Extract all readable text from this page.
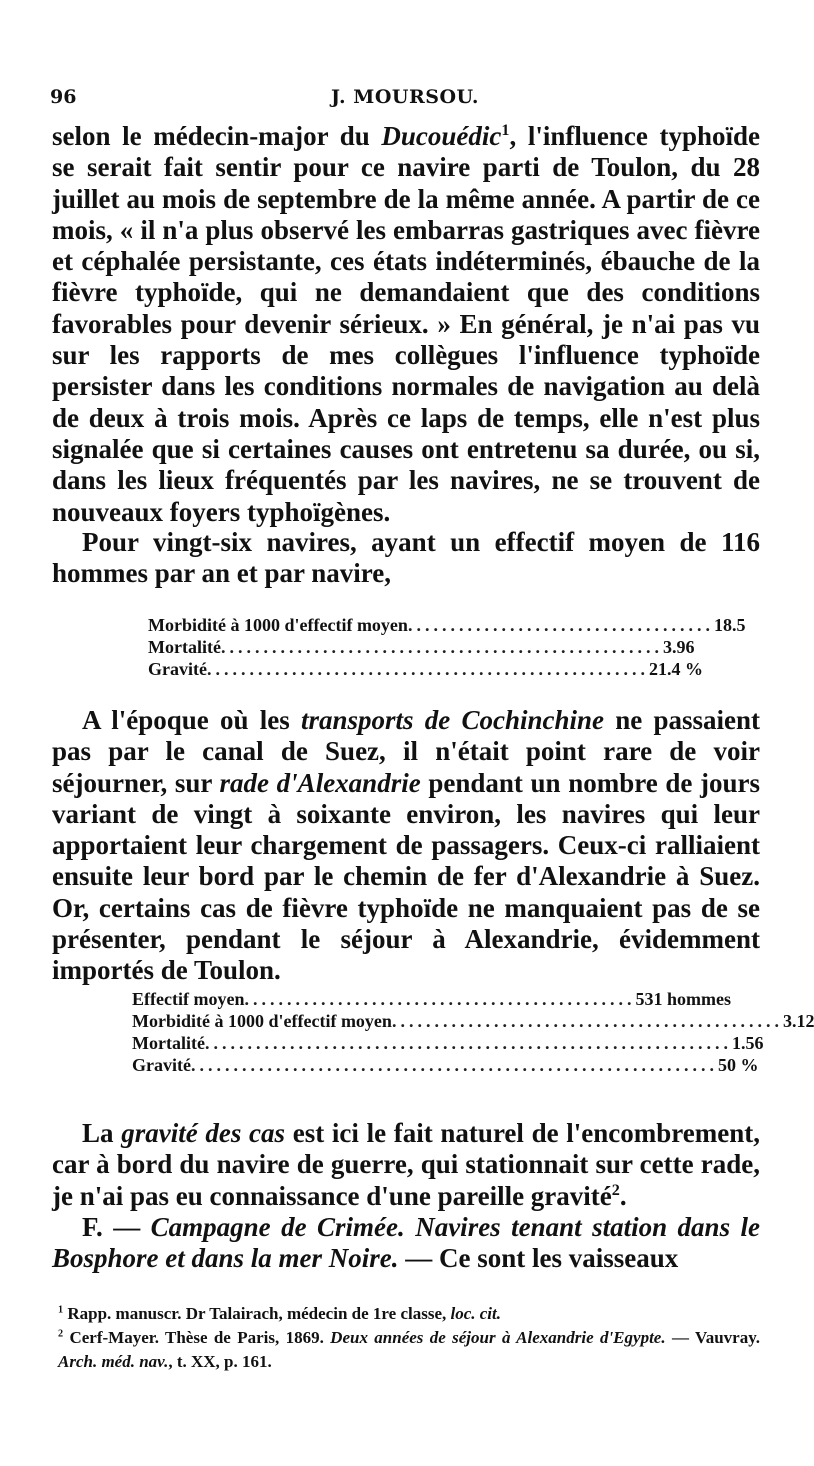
96	J. MOURSOU.

selon le médecin-major du Ducouédic$^1$, l'influence typhoïde se serait fait sentir pour ce navire parti de Toulon, du 28 juillet au mois de septembre de la même année. A partir de ce mois, « il n'a plus observé les embarras gastriques avec fièvre et céphalée persistante, ces états indéterminés, ébauche de la fièvre typhoïde, qui ne demandaient que des conditions favorables pour devenir sérieux. » En général, je n'ai pas vu sur les rapports de mes collègues l'influence typhoïde persister dans les conditions normales de navigation au delà de deux à trois mois. Après ce laps de temps, elle n'est plus signalée que si certaines causes ont entretenu sa durée, ou si, dans les lieux fréquentés par les navires, ne se trouvent de nouveaux foyers typhoïgènes.

Pour vingt-six navires, ayant un effectif moyen de 116 hommes par an et par navire,

Morbidité à 1000 d'effectif moyen .................................... 18.5
Mortalité .................................................... 3.96
Gravité .................................................... 21.4 %

A l'époque où les transports de Cochinchine ne passaient pas par le canal de Suez, il n'était point rare de voir séjourner, sur rade d'Alexandrie pendant un nombre de jours variant de vingt à soixante environ, les navires qui leur apportaient leur chargement de passagers. Ceux-ci ralliaient ensuite leur bord par le chemin de fer d'Alexandrie à Suez. Or, certains cas de fièvre typhoïde ne manquaient pas de se présenter, pendant le séjour à Alexandrie, évidemment importés de Toulon.

Effectif moyen .............................................. 531 hommes
Morbidité à 1000 d'effectif moyen .............................................. 3.12
Mortalité .............................................................. 1.56
Gravité .............................................................. 50 %

La gravité des cas est ici le fait naturel de l'encombrement, car à bord du navire de guerre, qui stationnait sur cette rade, je n'ai pas eu connaissance d'une pareille gravité$^2$.

F. — Campagne de Crimée. Navires tenant station dans le Bosphore et dans la mer Noire. — Ce sont les vaisseaux

$^1$ Rapp. manuscr. Dr Talairach, médecin de 1re classe, loc. cit.

$^2$ Cerf-Mayer. Thèse de Paris, 1869. Deux années de séjour à Alexandrie d'Egypte. — Vauvray. Arch. méd. nav., t. XX, p. 161.
